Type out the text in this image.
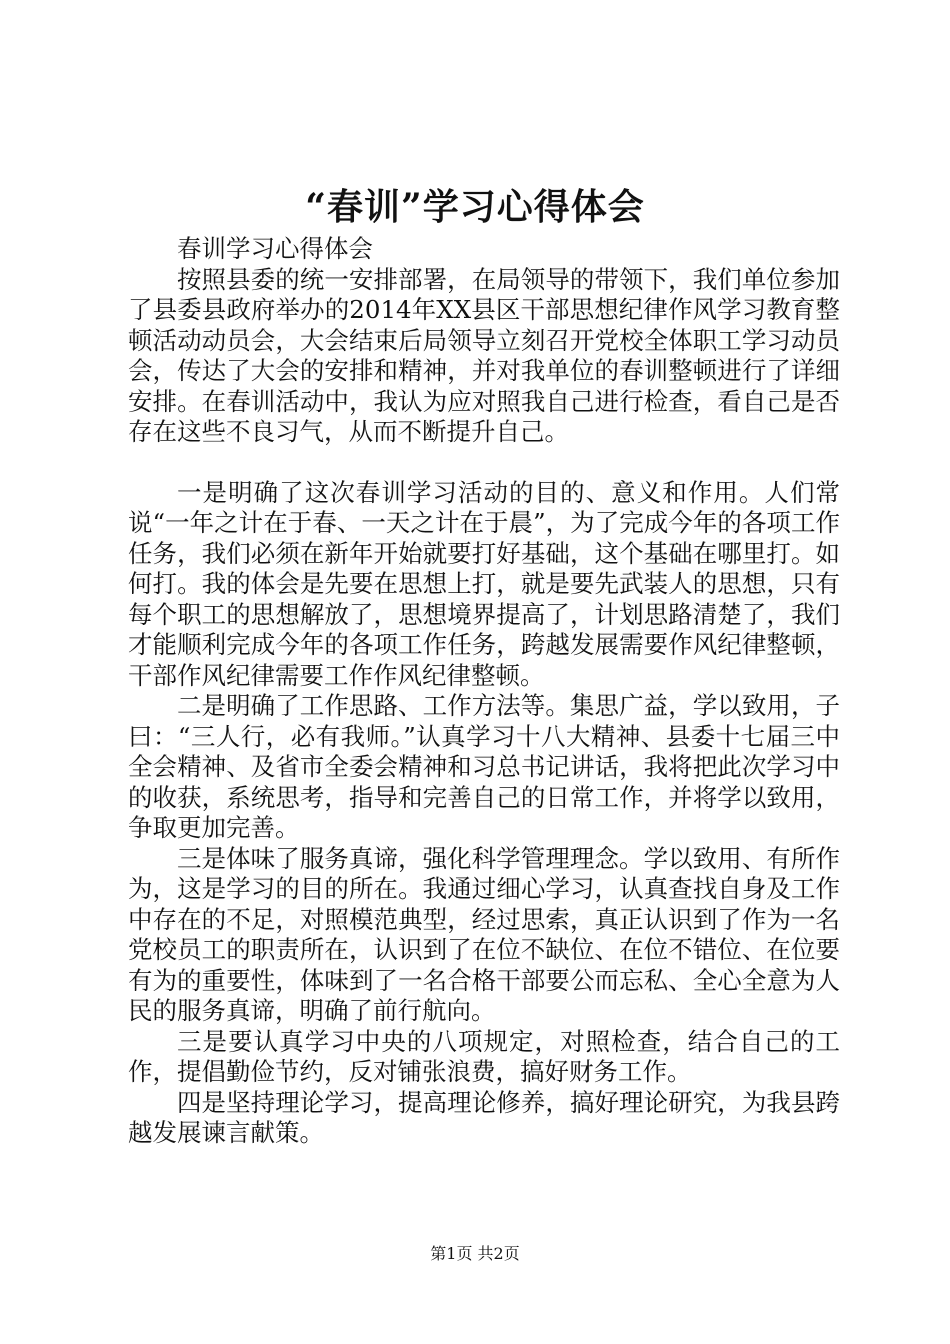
“春训”学习心得体会

春训学习心得体会

按照县委的统一安排部署，在局领导的带领下，我们单位参加了县委县政府举办的2014年XX县区干部思想纪律作风学习教育整顿活动动员会，大会结束后局领导立刻召开党校全体职工学习动员会，传达了大会的安排和精神，并对我单位的春训整顿进行了详细安排。在春训活动中，我认为应对照我自己进行检查，看自己是否存在这些不良习气，从而不断提升自己。

一是明确了这次春训学习活动的目的、意义和作用。人们常说“一年之计在于春、一天之计在于晨”，为了完成今年的各项工作任务，我们必须在新年开始就要打好基础，这个基础在哪里打。如何打。我的体会是先要在思想上打，就是要先武装人的思想，只有每个职工的思想解放了，思想境界提高了，计划思路清楚了，我们才能顺利完成今年的各项工作任务，跨越发展需要作风纪律整顿，干部作风纪律需要工作作风纪律整顿。

二是明确了工作思路、工作方法等。集思广益，学以致用，子曰：“三人行，必有我师。”认真学习十八大精神、县委十七届三中全会精神、及省市全委会精神和习总书记讲话，我将把此次学习中的收获，系统思考，指导和完善自己的日常工作，并将学以致用，争取更加完善。

三是体味了服务真谛，强化科学管理理念。学以致用、有所作为，这是学习的目的所在。我通过细心学习，认真查找自身及工作中存在的不足，对照模范典型，经过思索，真正认识到了作为一名党校员工的职责所在，认识到了在位不缺位、在位不错位、在位要有为的重要性，体味到了一名合格干部要公而忘私、全心全意为人民的服务真谛，明确了前行航向。

三是要认真学习中央的八项规定，对照检查，结合自己的工作，提倡勤俭节约，反对铺张浪费，搞好财务工作。

四是坚持理论学习，提高理论修养，搞好理论研究，为我县跨越发展谏言献策。

第1页 共2页
